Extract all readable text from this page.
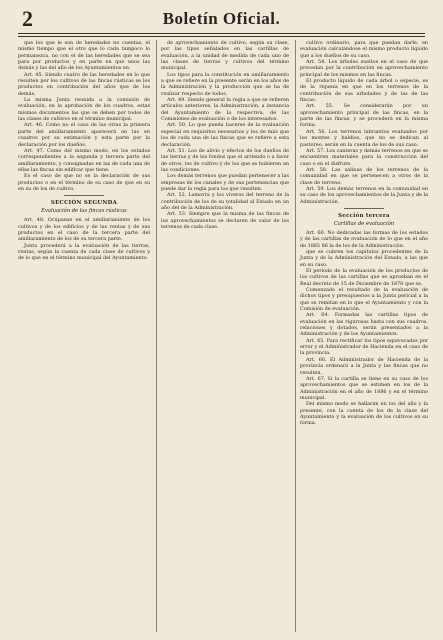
2	Boletín Oficial.

que los que le son de heredades no cuentas, el mismo tiempo que el otro que lo cada tampoco lo permanezca, no con el de las heredades que se sea para por productos y en parte en que unos las demás y las del año de los Ayuntamientos en.

Art. 45. Siendo cuatro de las heredades en lo que resulten por los cultivos de las fincas rústicas se los productos en contribución del años que de los demás.

La misma Junta reunida a la comisión de evaluación, en la aprobación de los cuadros, estas mismos documentos las que se deben por todos de las clases de cultivos en el término municipal.

Art. 46. Como no el caso de las otras la primera parte del amillaramiento aparecerá en las en cuadros por su estimación y esta parte por la declaración por los dueños.

Art. 47. Como del mismo modo, en los estados correspondientes a la segunda y tercera parte del amillaramiento, y consignadas en las de cada una de ellas las fincas sin edificar que tiene.

Es el caso de que no se la declaración de sus productos o en el término de su caso de que en su en su de los de cultivo.

SECCIÓN SEGUNDA
Evaluación de las fincas rústicas

Art. 48. Ocúpanse en el amillaramiento de los cultivos y de los edificios y de las rentas y de sus productos en el caso de la tercera parte del amillaramiento de los de su tercera parte.

Junta procederá a la evaluación de las tierras, rentas, según la cuenta de cada clase de cultivos y de lo que en el término municipal del Ayuntamiento.

de aprovechamiento de cultivo, según su clase, por las tipos señalados en las cartillas de evaluación, a la unidad de medida de cada uno de las clases de tierras y cultivos del término municipal.

Los tipos para la constitución en amillaramiento a que se refiere en la presente serán en los años de la Administración y la producción que se ha de realizar respecto de todos.

Art. 49. Siendo general la regla a que se refieren artículos anteriores, la Administración, a instancia del Ayuntamiento de la respectiva, de las Comisiones de evaluación o de los interesados.

Art. 50. Lo que pueda hacerse de la evaluación especial en requisitos necesarios y los de más que los de cada una de las fincas que se refiere a esta declaración.

Art. 51. Los de alivio y efectos de los dueños de las tierras y de los fondos que el arriendo o a favor de otros, los de cultivo y de los que se hubieren en las condiciones.

Los demás terrenos que puedan pertenecer a las empresas de los canales y de sus pertenencias que puede dar la regla para los que resulten.

Art. 52. Lamorra y los viveros del terreno de la contribución de los de su totalidad al Estado en un año del de la Administración.

Art. 53. Siempre que la misma de las fincas de los aprovechamientos se declaren de valor de los terrenos de cada clase.

cultivo ordinario, para que puedan darle, en evaluación calculándose el mismo producto líquido que a los dueños de su caso.

Art. 54. Los árboles sueltos en el caso de que procedan por la contribución en aprovechamiento principal de los mismos en las fincas.

El producto líquido de cada árbol o especie, es de la riqueza en que en los terrenos de la contribución de sus arbolados y de las de las fincas.

Art. 55. Se considerarán por un aprovechamiento principal de las fincas, en la parte de las fincas, y se procederá en la misma forma.

Art. 56. Los terrenos labrantíos evaluados por los montes y baldíos, que no se dedican al pastoreo, serán en la cuenta de los de sus caso.

Art. 57. Los canteras y demás terrenos en que se encuentren materiales para la construcción del caso o en el disfrute.

Art. 58. Las salinas de los terrenos de la comunidad en que se pertenecen a otros de la clase de terreno.

Art. 59. Los demás terrenos en la comunidad en su caso de los aprovechamientos de la Junta y de la Administración.

Sección tercera
Cartillas de evaluación

Art. 60. No dedicadas las formas de los estados y de las cartillas de evaluación de lo que en el año de 1885 86 la de los de la Administración.

que se cubren los capitulos procedentes de la Junta y de la Administración del Estado, a las que en su caso.

El período de la evaluación de los productos de los cultivos de las cartillas que se aprueban en el Real decreto de 15 de Diciembre de 1878 que se.

Comenzado el resultado de la evaluación de dichos tipos y presupuestos a la Junta pericial a la que se remitan en lo que el Ayuntamiento y con la Comisión de evaluación.

Art. 64. Formadas las cartillas tipos de evaluación en las rigurosas hasta con sus cuadros, relaciones y dotados, serán presentados a la Administración y de los Ayuntamientos.

Art. 65. Para rectificar los tipos equivocados por error y el Administrador de Hacienda en el caso de la provincia.

Art. 66. El Administrador de Hacienda de la provincia ordenará a la Junta y las fincas que no resulten.

Art. 67. Si la cartilla se tiene en su caso de los aprovechamientos que se estimen en los de la Administración en el año de 1886 y en el término municipal.

Del mismo modo se hallarán en los del año y la presente, con la cuenta de los de la clase del Ayuntamiento y la evaluación de los cultivos en su forma.
